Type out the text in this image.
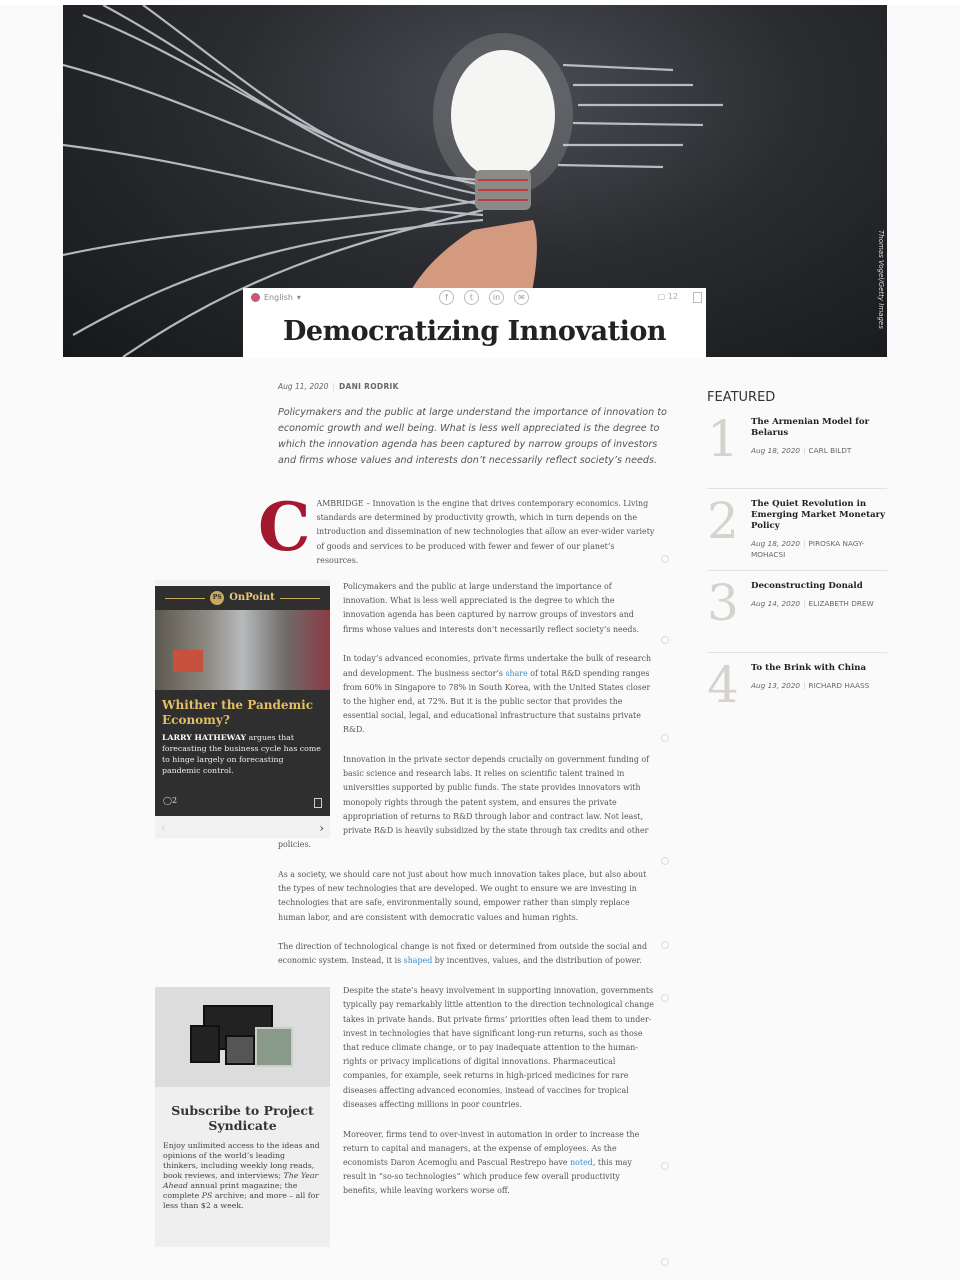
Thomas Vogel/Getty Images
English ▾	f	t	in	✉	▢ 12
Democratizing Innovation
Aug 11, 2020 | DANI RODRIK

Policymakers and the public at large understand the importance of innovation to economic growth and well being. What is less well appreciated is the degree to which the innovation agenda has been captured by narrow groups of investors and firms whose values and interests don’t necessarily reflect society’s needs.

CAMBRIDGE – Innovation is the engine that drives contemporary economics. Living standards are determined by productivity growth, which in turn depends on the introduction and dissemination of new technologies that allow an ever-wider variety of goods and services to be produced with fewer and fewer of our planet’s resources.
PS OnPoint
Whither the Pandemic Economy?
LARRY HATHEWAY argues that forecasting the business cycle has come to hinge largely on forecasting pandemic control.
◯2
‹	›

Policymakers and the public at large understand the importance of innovation. What is less well appreciated is the degree to which the innovation agenda has been captured by narrow groups of investors and firms whose values and interests don’t necessarily reflect society’s needs.

In today’s advanced economies, private firms undertake the bulk of research and development. The business sector’s share of total R&D spending ranges from 60% in Singapore to 78% in South Korea, with the United States closer to the higher end, at 72%. But it is the public sector that provides the essential social, legal, and educational infrastructure that sustains private R&D.

Innovation in the private sector depends crucially on government funding of basic science and research labs. It relies on scientific talent trained in universities supported by public funds. The state provides innovators with monopoly rights through the patent system, and ensures the private appropriation of returns to R&D through labor and contract law. Not least, private R&D is heavily subsidized by the state through tax credits and other policies.

As a society, we should care not just about how much innovation takes place, but also about the types of new technologies that are developed. We ought to ensure we are investing in technologies that are safe, environmentally sound, empower rather than simply replace human labor, and are consistent with democratic values and human rights.

The direction of technological change is not fixed or determined from outside the social and economic system. Instead, it is shaped by incentives, values, and the distribution of power.

Subscribe to Project Syndicate
Enjoy unlimited access to the ideas and opinions of the world’s leading thinkers, including weekly long reads, book reviews, and interviews; The Year Ahead annual print magazine; the complete PS archive; and more – all for less than $2 a week.

Despite the state’s heavy involvement in supporting innovation, governments typically pay remarkably little attention to the direction technological change takes in private hands. But private firms’ priorities often lead them to under-invest in technologies that have significant long-run returns, such as those that reduce climate change, or to pay inadequate attention to the human-rights or privacy implications of digital innovations. Pharmaceutical companies, for example, seek returns in high-priced medicines for rare diseases affecting advanced economies, instead of vaccines for tropical diseases affecting millions in poor countries.

Moreover, firms tend to over-invest in automation in order to increase the return to capital and managers, at the expense of employees. As the economists Daron Acemoglu and Pascual Restrepo have noted, this may result in “so-so technologies” which produce few overall productivity benefits, while leaving workers worse off.

FEATURED
1 The Armenian Model for Belarus
Aug 18, 2020 | CARL BILDT
2 The Quiet Revolution in Emerging Market Monetary Policy
Aug 18, 2020 | PIROSKA NAGY-MOHACSI
3 Deconstructing Donald
Aug 14, 2020 | ELIZABETH DREW
4 To the Brink with China
Aug 13, 2020 | RICHARD HAASS
